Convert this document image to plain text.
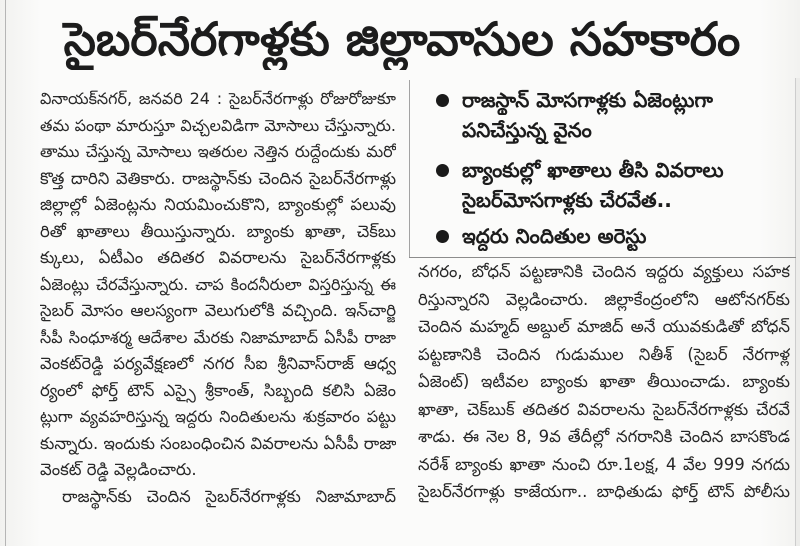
సైబర్‌నేరగాళ్లకు జిల్లావాసుల సహకారం
వినాయక్‌నగర్, జనవరి 24 : సైబర్‌నేరగాళ్లు రోజురోజుకూ
తమ పంథా మారుస్తూ విచ్చలవిడిగా మోసాలు చేస్తున్నారు.
తాము చేస్తున్న మోసాలు ఇతరుల నెత్తిన రుద్దేందుకు మరో
కొత్త దారిని వెతికారు. రాజస్థాన్‌కు చెందిన సైబర్‌నేరగాళ్లు
జిల్లాల్లో ఏజెంట్లను నియమించుకొని, బ్యాంకుల్లో పలువు
రితో ఖాతాలు తీయిస్తున్నారు. బ్యాంకు ఖాతా, చెక్‌బు
క్కులు, ఏటీఎం తదితర వివరాలను సైబర్‌నేరగాళ్లకు
ఏజెంట్లు చేరవేస్తున్నారు. చాప కిందనీరులా విస్తరిస్తున్న ఈ
సైబర్ మోసం ఆలస్యంగా వెలుగులోకి వచ్చింది. ఇన్‌చార్జి
సీపీ సింధూశర్మ ఆదేశాల మేరకు నిజామాబాద్ ఏసీపీ రాజా
వెంకట్‌రెడ్డి పర్యవేక్షణలో నగర సీఐ శ్రీనివాస్‌రాజ్ ఆధ్వ
ర్యంలో ఫోర్త్ టౌన్ ఎస్సై శ్రీకాంత్, సిబ్బంది కలిసి ఏజెం
ట్లుగా వ్యవహరిస్తున్న ఇద్దరు నిందితులను శుక్రవారం పట్టు
కున్నారు. ఇందుకు సంబంధించిన వివరాలను ఏసీపీ రాజా
వెంకట్ రెడ్డి వెల్లడించారు.
రాజస్థాన్‌కు చెందిన సైబర్‌నేరగాళ్లకు నిజామాబాద్
రాజస్థాన్ మోసగాళ్లకు ఏజెంట్లుగా
పనిచేస్తున్న వైనం
బ్యాంకుల్లో ఖాతాలు తీసి వివరాలు
సైబర్‌మోసగాళ్లకు చేరవేత..
ఇద్దరు నిందితుల అరెస్టు
నగరం, బోధన్ పట్టణానికి చెందిన ఇద్దరు వ్యక్తులు సహక
రిస్తున్నారని వెల్లడించారు. జిల్లాకేంద్రంలోని ఆటోనగర్‌కు
చెందిన మహ్మద్ అబ్దుల్ మాజిద్ అనే యువకుడితో బోధన్
పట్టణానికి చెందిన గుడుముల నితీశ్ (సైబర్ నేరగాళ్ల
ఏజెంట్) ఇటీవల బ్యాంకు ఖాతా తీయించాడు. బ్యాంకు
ఖాతా, చెక్‌బుక్ తదితర వివరాలను సైబర్‌నేరగాళ్లకు చేరవే
శాడు. ఈ నెల 8, 9వ తేదీల్లో నగరానికి చెందిన బాసకొండ
నరేశ్ బ్యాంకు ఖాతా నుంచి రూ.1లక్ష, 4 వేల 999 నగదు
సైబర్‌నేరగాళ్లు కాజేయగా.. బాధితుడు ఫోర్త్ టౌన్ పోలీసు
